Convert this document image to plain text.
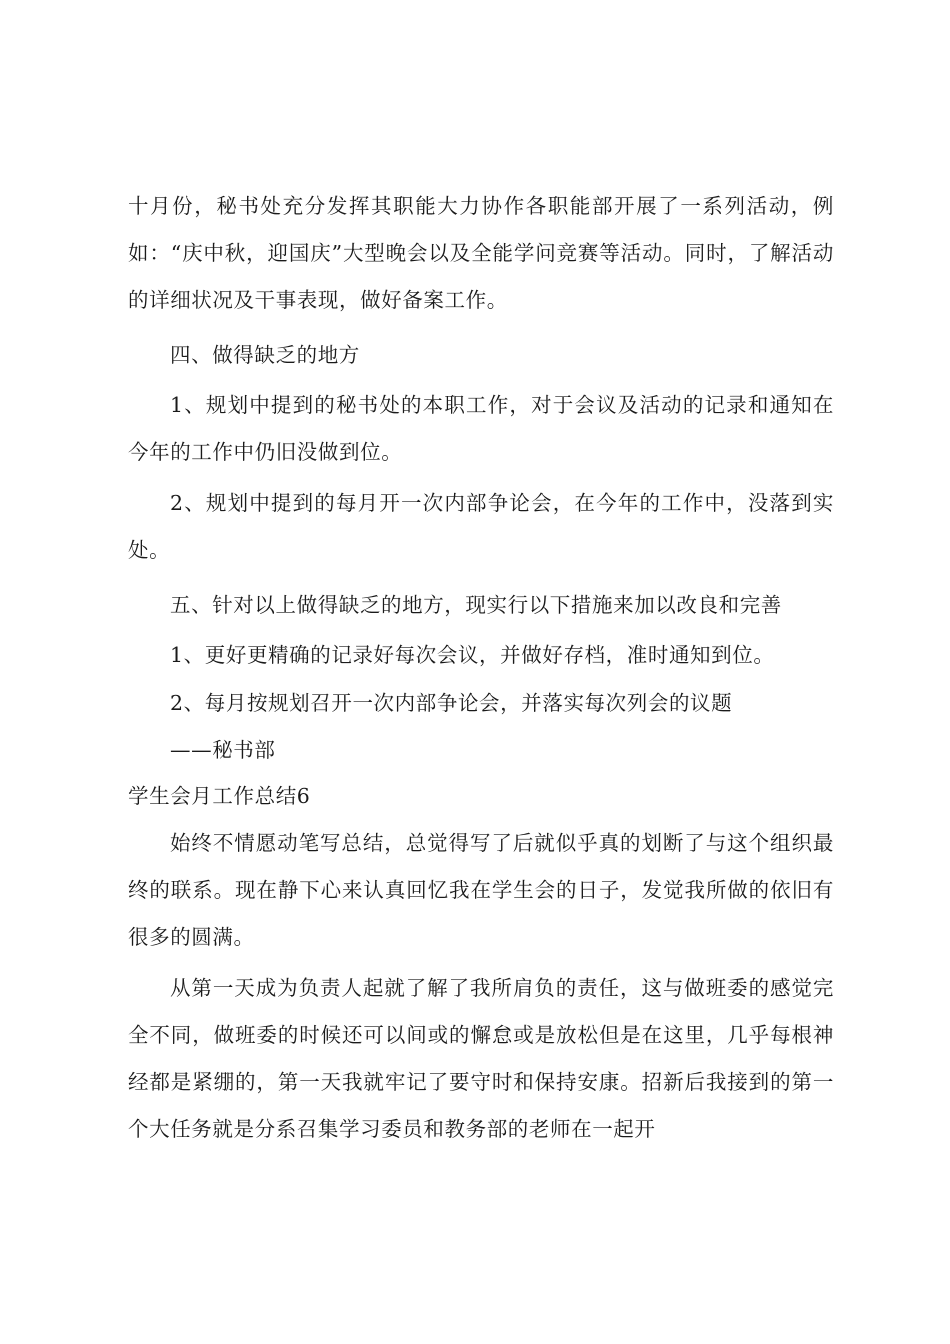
十月份，秘书处充分发挥其职能大力协作各职能部开展了一系列活动，例如：“庆中秋，迎国庆”大型晚会以及全能学问竞赛等活动。同时，了解活动的详细状况及干事表现，做好备案工作。

四、做得缺乏的地方

1、规划中提到的秘书处的本职工作，对于会议及活动的记录和通知在今年的工作中仍旧没做到位。

2、规划中提到的每月开一次内部争论会，在今年的工作中，没落到实处。

五、针对以上做得缺乏的地方，现实行以下措施来加以改良和完善

1、更好更精确的记录好每次会议，并做好存档，准时通知到位。

2、每月按规划召开一次内部争论会，并落实每次列会的议题

——秘书部

学生会月工作总结6

始终不情愿动笔写总结，总觉得写了后就似乎真的划断了与这个组织最终的联系。现在静下心来认真回忆我在学生会的日子，发觉我所做的依旧有很多的圆满。

从第一天成为负责人起就了解了我所肩负的责任，这与做班委的感觉完全不同，做班委的时候还可以间或的懈怠或是放松但是在这里，几乎每根神经都是紧绷的，第一天我就牢记了要守时和保持安康。招新后我接到的第一个大任务就是分系召集学习委员和教务部的老师在一起开
